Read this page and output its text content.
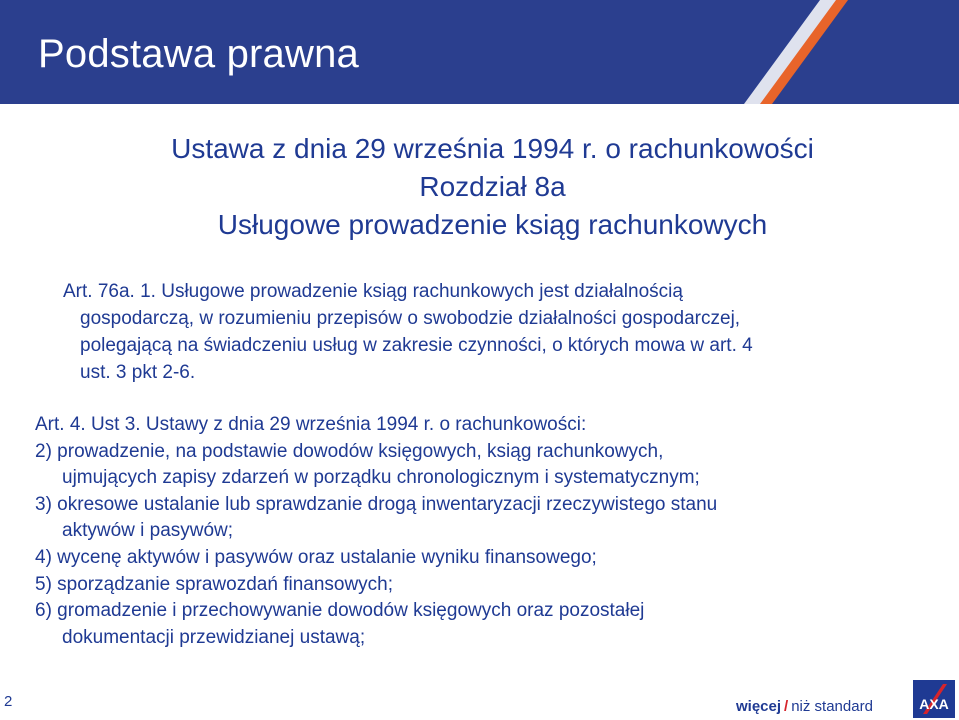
Podstawa prawna
Ustawa z dnia 29 września 1994 r. o rachunkowości
Rozdział 8a
Usługowe prowadzenie ksiąg rachunkowych
Art. 76a. 1. Usługowe prowadzenie ksiąg rachunkowych jest działalnością
gospodarczą, w rozumieniu przepisów o swobodzie działalności gospodarczej,
polegającą na świadczeniu usług w zakresie czynności, o których mowa w art. 4
ust. 3 pkt 2-6.
Art. 4. Ust 3. Ustawy z dnia 29 września 1994 r. o rachunkowości:
2) prowadzenie, na podstawie dowodów księgowych, ksiąg rachunkowych,
ujmujących zapisy zdarzeń w porządku chronologicznym i systematycznym;
3) okresowe ustalanie lub sprawdzanie drogą inwentaryzacji rzeczywistego stanu
aktywów i pasywów;
4) wycenę aktywów i pasywów oraz ustalanie wyniku finansowego;
5) sporządzanie sprawozdań finansowych;
6) gromadzenie i przechowywanie dowodów księgowych oraz pozostałej
dokumentacji przewidzianej ustawą;
2	więcej / niż standard	AXA
